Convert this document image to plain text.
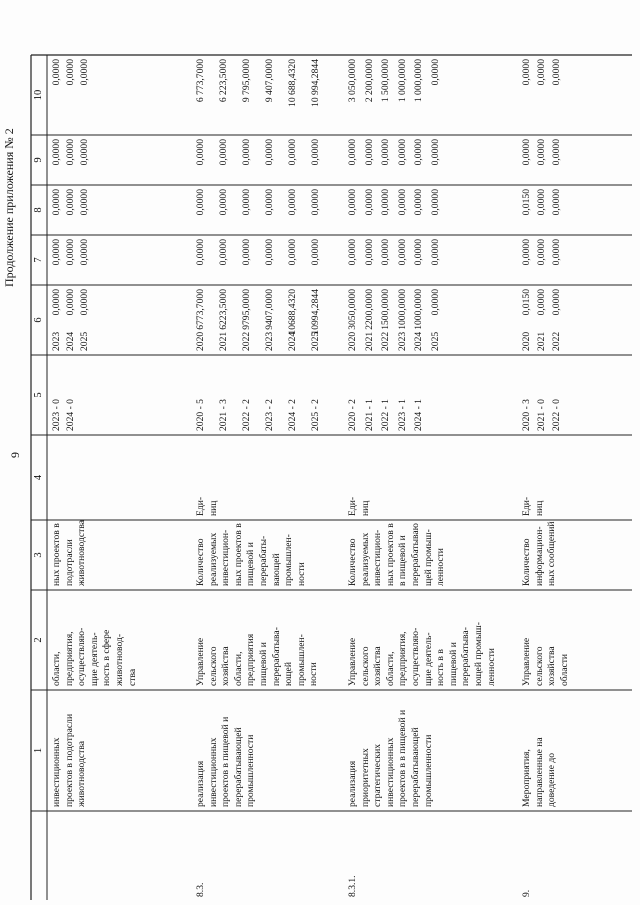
9
Продолжение приложения № 2
1
2
3
4
5
6
7
8
9
10
инвестиционных проектов в подотрасли животноводства
области, предприятия, осуществляю- щие деятель- ность в сфере животновод- ства
ных проектов в подотрасли животноводства
2023 - 0 2024 - 0
2023 2024 2025
0,0000 0,0000 0,0000
0,0000 0,0000 0,0000
0,0000 0,0000 0,0000
0,0000 0,0000 0,0000
0,0000 0,0000 0,0000
8.3.
реализация инвестиционных проектов в пищевой и перерабатывающей промышленности
Управление сельского хозяйства области, предприятия пищевой и перерабатыва- ющей промышлен- ности
Количество реализуемых инвестицион- ных проектов в пищевой и перерабаты- вающей промышлен- ности
Еди- ниц
2020 - 5 2021 - 3 2022 - 2 2023 - 2 2024 - 2 2025 - 2
2020 2021 2022 2023 2024 2025
6773,7000 6223,5000 9795,0000 9407,0000 10688,4320 10994,2844
0,0000 0,0000 0,0000 0,0000 0,0000 0,0000
0,0000 0,0000 0,0000 0,0000 0,0000 0,0000
0,0000 0,0000 0,0000 0,0000 0,0000 0,0000
6 773,7000 6 223,5000 9 795,0000 9 407,0000 10 688,4320 10 994,2844
8.3.1.
реализация приоритетных стратегических инвестиционных проектов в в пищевой и перерабатывающей промышленности
Управление сельского хозяйства области, предприятия, осуществляю- щие деятель- ность в в пищевой и перерабатыва- ющей промыш- ленности
Количество реализуемых инвестицион- ных проектов в в пищевой и перерабатываю щей промыш- ленности
Еди- ниц
2020 - 2 2021 - 1 2022 - 1 2023 - 1 2024 - 1
2020 2021 2022 2023 2024 2025
3050,0000 2200,0000 1500,0000 1000,0000 1000,0000 0,0000
0,0000 0,0000 0,0000 0,0000 0,0000 0,0000
0,0000 0,0000 0,0000 0,0000 0,0000 0,0000
0,0000 0,0000 0,0000 0,0000 0,0000 0,0000
3 050,0000 2 200,0000 1 500,0000 1 000,0000 1 000,0000 0,0000
9.
Мероприятия, направленные на доведение до
Управление сельского хозяйства области
Количество информацион- ных сообщений
Еди- ниц
2020 - 3 2021 - 0 2022 - 0
2020 2021 2022
0,0150 0,0000 0,0000
0,0000 0,0000 0,0000
0,0150 0,0000 0,0000
0,0000 0,0000 0,0000
0,0000 0,0000 0,0000
